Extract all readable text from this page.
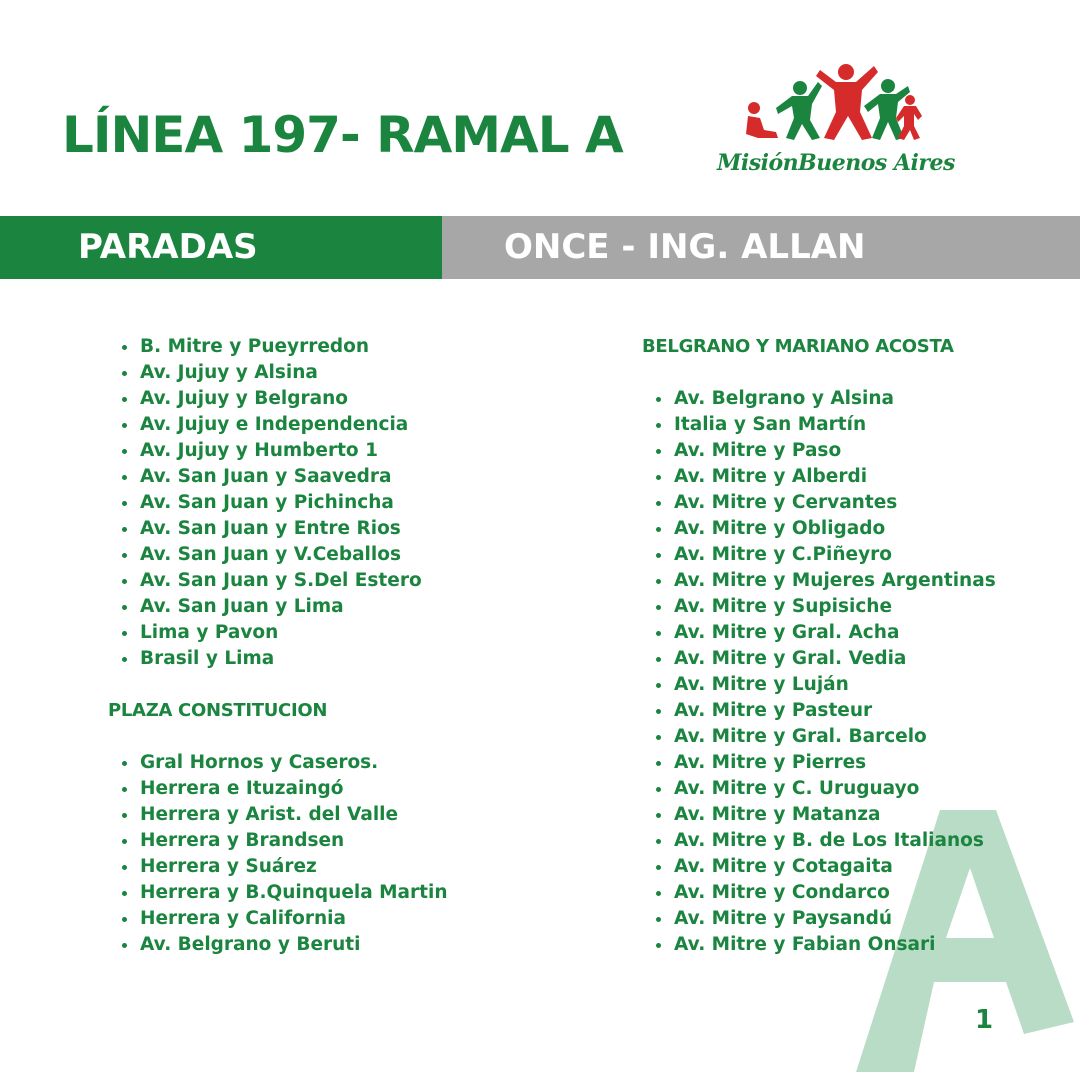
LÍNEA 197- RAMAL A	MisiónBuenos Aires
PARADAS	ONCE - ING. ALLAN
B. Mitre y Pueyrredon
Av. Jujuy y Alsina
Av. Jujuy y Belgrano
Av. Jujuy e Independencia
Av. Jujuy y Humberto 1
Av. San Juan y Saavedra
Av. San Juan y Pichincha
Av. San Juan y Entre Rios
Av. San Juan y V.Ceballos
Av. San Juan y S.Del Estero
Av. San Juan y Lima
Lima y Pavon
Brasil y Lima

PLAZA CONSTITUCION

Gral Hornos y Caseros.
Herrera e Ituzaingó
Herrera y Arist. del Valle
Herrera y Brandsen
Herrera y Suárez
Herrera y B.Quinquela Martin
Herrera y California
Av. Belgrano y Beruti

BELGRANO Y MARIANO ACOSTA

Av. Belgrano y Alsina
Italia y San Martín
Av. Mitre y Paso
Av. Mitre y Alberdi
Av. Mitre y Cervantes
Av. Mitre y Obligado
Av. Mitre y C.Piñeyro
Av. Mitre y Mujeres Argentinas
Av. Mitre y Supisiche
Av. Mitre y Gral. Acha
Av. Mitre y Gral. Vedia
Av. Mitre y Luján
Av. Mitre y Pasteur
Av. Mitre y Gral. Barcelo
Av. Mitre y Pierres
Av. Mitre y C. Uruguayo
Av. Mitre y Matanza
Av. Mitre y B. de Los Italianos
Av. Mitre y Cotagaita
Av. Mitre y Condarco
Av. Mitre y Paysandú
Av. Mitre y Fabian Onsari
1
